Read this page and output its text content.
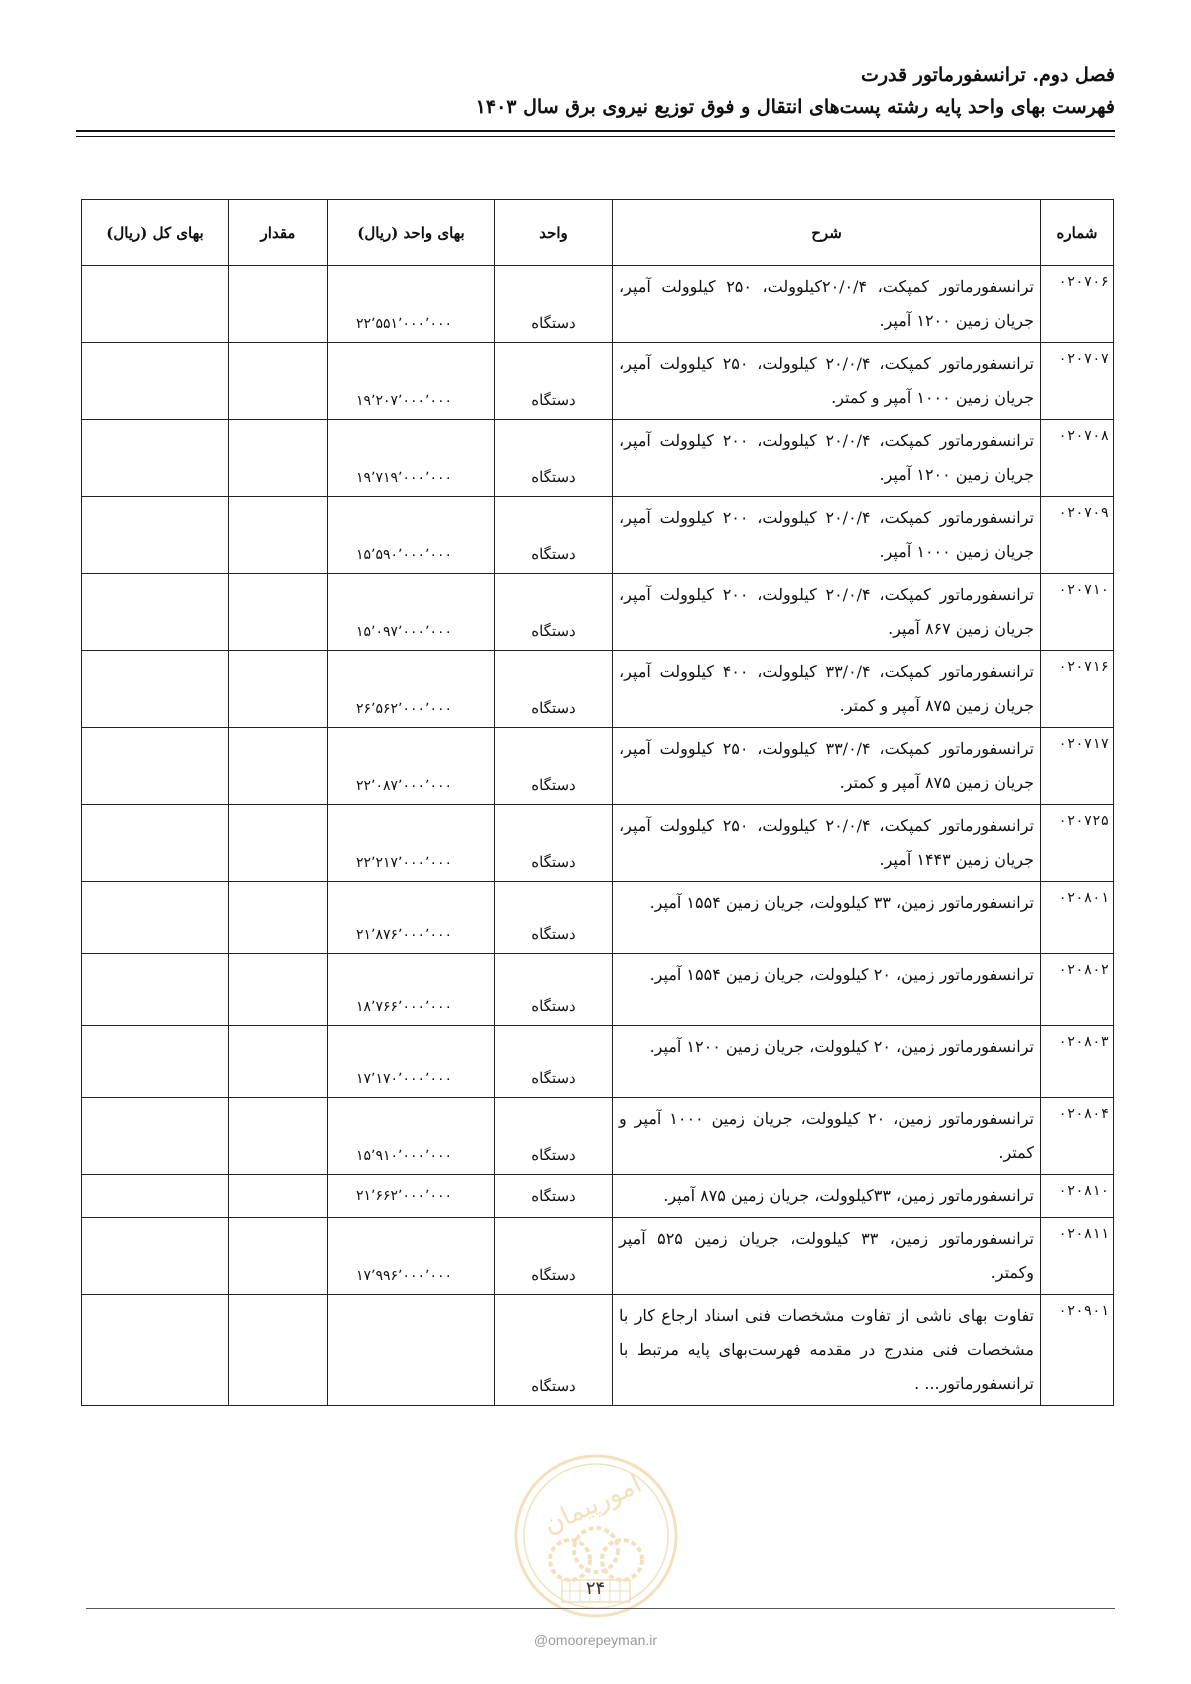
فصل دوم. ترانسفورماتور قدرت
فهرست بهای واحد پایه رشته پست‌های انتقال و فوق توزیع نیروی برق سال ۱۴۰۳
شماره	شرح	واحد	بهای واحد (ریال)	مقدار	بهای کل (ریال)
۰۲۰۷۰۶	ترانسفورماتور کمپکت، ۲۰/۰/۴کیلوولت، ۲۵۰ کیلوولت آمپر، جریان زمین ۱۲۰۰ آمپر.	دستگاه	۲۲٬۵۵۱٬۰۰۰٬۰۰۰		
۰۲۰۷۰۷	ترانسفورماتور کمپکت، ۲۰/۰/۴ کیلوولت، ۲۵۰ کیلوولت آمپر، جریان زمین ۱۰۰۰ آمپر و کمتر.	دستگاه	۱۹٬۲۰۷٬۰۰۰٬۰۰۰		
۰۲۰۷۰۸	ترانسفورماتور کمپکت، ۲۰/۰/۴ کیلوولت، ۲۰۰ کیلوولت آمپر، جریان زمین ۱۲۰۰ آمپر.	دستگاه	۱۹٬۷۱۹٬۰۰۰٬۰۰۰		
۰۲۰۷۰۹	ترانسفورماتور کمپکت، ۲۰/۰/۴ کیلوولت، ۲۰۰ کیلوولت آمپر، جریان زمین ۱۰۰۰ آمپر.	دستگاه	۱۵٬۵۹۰٬۰۰۰٬۰۰۰		
۰۲۰۷۱۰	ترانسفورماتور کمپکت، ۲۰/۰/۴ کیلوولت، ۲۰۰ کیلوولت آمپر، جریان زمین ۸۶۷ آمپر.	دستگاه	۱۵٬۰۹۷٬۰۰۰٬۰۰۰		
۰۲۰۷۱۶	ترانسفورماتور کمپکت، ۳۳/۰/۴ کیلوولت، ۴۰۰ کیلوولت آمپر، جریان زمین ۸۷۵ آمپر و کمتر.	دستگاه	۲۶٬۵۶۲٬۰۰۰٬۰۰۰		
۰۲۰۷۱۷	ترانسفورماتور کمپکت، ۳۳/۰/۴ کیلوولت، ۲۵۰ کیلوولت آمپر، جریان زمین ۸۷۵ آمپر و کمتر.	دستگاه	۲۲٬۰۸۷٬۰۰۰٬۰۰۰		
۰۲۰۷۲۵	ترانسفورماتور کمپکت، ۲۰/۰/۴ کیلوولت، ۲۵۰ کیلوولت آمپر، جریان زمین ۱۴۴۳ آمپر.	دستگاه	۲۲٬۲۱۷٬۰۰۰٬۰۰۰		
۰۲۰۸۰۱	ترانسفورماتور زمین، ۳۳ کیلوولت، جریان زمین ۱۵۵۴ آمپر.	دستگاه	۲۱٬۸۷۶٬۰۰۰٬۰۰۰		
۰۲۰۸۰۲	ترانسفورماتور زمین، ۲۰ کیلوولت، جریان زمین ۱۵۵۴ آمپر.	دستگاه	۱۸٬۷۶۶٬۰۰۰٬۰۰۰		
۰۲۰۸۰۳	ترانسفورماتور زمین، ۲۰ کیلوولت، جریان زمین ۱۲۰۰ آمپر.	دستگاه	۱۷٬۱۷۰٬۰۰۰٬۰۰۰		
۰۲۰۸۰۴	ترانسفورماتور زمین، ۲۰ کیلوولت، جریان زمین ۱۰۰۰ آمپر و کمتر.	دستگاه	۱۵٬۹۱۰٬۰۰۰٬۰۰۰		
۰۲۰۸۱۰	ترانسفورماتور زمین، ۳۳کیلوولت، جریان زمین ۸۷۵ آمپر.	دستگاه	۲۱٬۶۶۲٬۰۰۰٬۰۰۰		
۰۲۰۸۱۱	ترانسفورماتور زمین، ۳۳ کیلوولت، جریان زمین ۵۲۵ آمپر وکمتر.	دستگاه	۱۷٬۹۹۶٬۰۰۰٬۰۰۰		
۰۲۰۹۰۱	تفاوت بهای ناشی از تفاوت مشخصات فنی اسناد ارجاع کار با مشخصات فنی مندرج در مقدمه فهرست‌بهای پایه مرتبط با ترانسفورماتور... .	دستگاه			
امورپیمان
۲۴
@omoorepeyman.ir
